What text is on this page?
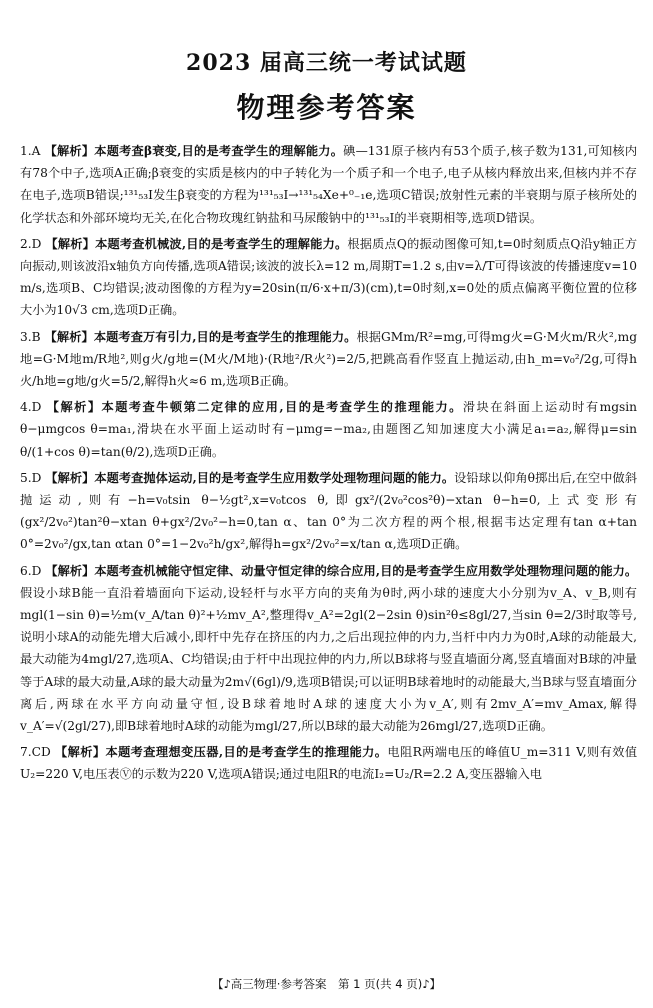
2023 届高三统一考试试题
物理参考答案

1.A 【解析】本题考查β衰变,目的是考查学生的理解能力。碘—131原子核内有53个质子,核子数为131,可知核内有78个中子,选项A正确;β衰变的实质是核内的中子转化为一个质子和一个电子,电子从核内释放出来,但核内并不存在电子,选项B错误;¹³¹₅₃I发生β衰变的方程为¹³¹₅₃I→¹³¹₅₄Xe+⁰₋₁e,选项C错误;放射性元素的半衰期与原子核所处的化学状态和外部环境均无关,在化合物玫瑰红钠盐和马尿酸钠中的¹³¹₅₃I的半衰期相等,选项D错误。

2.D 【解析】本题考查机械波,目的是考查学生的理解能力。根据质点Q的振动图像可知,t=0时刻质点Q沿y轴正方向振动,则该波沿x轴负方向传播,选项A错误;该波的波长λ=12 m,周期T=1.2 s,由v=λ/T可得该波的传播速度v=10 m/s,选项B、C均错误;波动图像的方程为y=20sin(π/6·x+π/3)(cm),t=0时刻,x=0处的质点偏离平衡位置的位移大小为10√3 cm,选项D正确。

3.B 【解析】本题考查万有引力,目的是考查学生的推理能力。根据GMm/R²=mg,可得mg火=G·M火m/R火²,mg地=G·M地m/R地²,则g火/g地=(M火/M地)·(R地²/R火²)=2/5,把跳高看作竖直上抛运动,由h_m=v₀²/2g,可得h火/h地=g地/g火=5/2,解得h火≈6 m,选项B正确。

4.D 【解析】本题考查牛顿第二定律的应用,目的是考查学生的推理能力。滑块在斜面上运动时有mgsin θ−μmgcos θ=ma₁,滑块在水平面上运动时有−μmg=−ma₂,由题图乙知加速度大小满足a₁=a₂,解得μ=sin θ/(1+cos θ)=tan(θ/2),选项D正确。

5.D 【解析】本题考查抛体运动,目的是考查学生应用数学处理物理问题的能力。设铅球以仰角θ掷出后,在空中做斜抛运动,则有−h=v₀tsin θ−½gt²,x=v₀tcos θ,即gx²/(2v₀²cos²θ)−xtan θ−h=0,上式变形有(gx²/2v₀²)tan²θ−xtan θ+gx²/2v₀²−h=0,tan α、tan 0°为二次方程的两个根,根据韦达定理有tan α+tan 0°=2v₀²/gx,tan αtan 0°=1−2v₀²h/gx²,解得h=gx²/2v₀²=x/tan α,选项D正确。

6.D 【解析】本题考查机械能守恒定律、动量守恒定律的综合应用,目的是考查学生应用数学处理物理问题的能力。假设小球B能一直沿着墙面向下运动,设轻杆与水平方向的夹角为θ时,两小球的速度大小分别为v_A、v_B,则有mgl(1−sin θ)=½m(v_A/tan θ)²+½mv_A²,整理得v_A²=2gl(2−2sin θ)sin²θ≤8gl/27,当sin θ=2/3时取等号,说明小球A的动能先增大后减小,即杆中先存在挤压的内力,之后出现拉伸的内力,当杆中内力为0时,A球的动能最大,最大动能为4mgl/27,选项A、C均错误;由于杆中出现拉伸的内力,所以B球将与竖直墙面分离,竖直墙面对B球的冲量等于A球的最大动量,A球的最大动量为2m√(6gl)/9,选项B错误;可以证明B球着地时的动能最大,当B球与竖直墙面分离后,两球在水平方向动量守恒,设B球着地时A球的速度大小为v_A′,则有2mv_A′=mv_Amax,解得v_A′=√(2gl/27),即B球着地时A球的动能为mgl/27,所以B球的最大动能为26mgl/27,选项D正确。

7.CD 【解析】本题考查理想变压器,目的是考查学生的推理能力。电阻R两端电压的峰值U_m=311 V,则有效值U₂=220 V,电压表Ⓥ的示数为220 V,选项A错误;通过电阻R的电流I₂=U₂/R=2.2 A,变压器输入电

【♪高三物理·参考答案　第 1 页(共 4 页)♪】
